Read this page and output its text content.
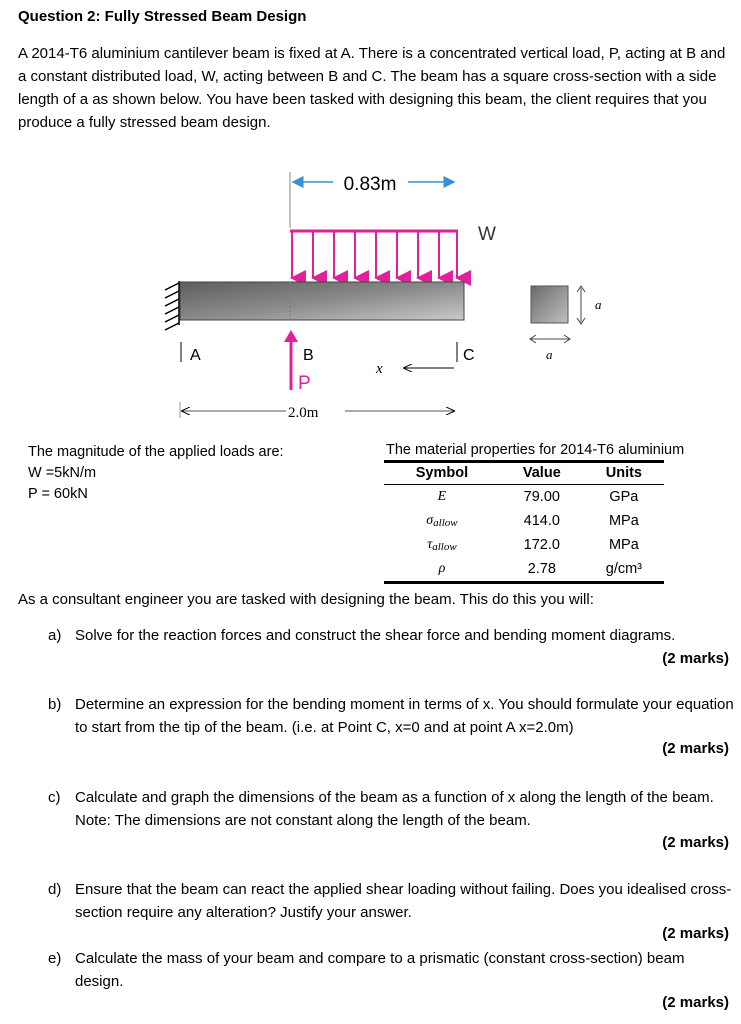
Question 2: Fully Stressed Beam Design
A 2014-T6 aluminium cantilever beam is fixed at A. There is a concentrated vertical load, P, acting at B and a constant distributed load, W, acting between B and C. The beam has a square cross-section with a side length of a as shown below. You have been tasked with designing this beam, the client requires that you produce a fully stressed beam design.
0.83m
W
A	B	C
P
x
2.0m
a
a
The magnitude of the applied loads are:
W =5kN/m
P = 60kN
The material properties for 2014-T6 aluminium
Symbol	Value	Units
E	79.00	GPa
$\sigma_{allow}$	414.0	MPa
$\tau_{allow}$	172.0	MPa
ρ	2.78	g/cm³
As a consultant engineer you are tasked with designing the beam. This do this you will:
a) Solve for the reaction forces and construct the shear force and bending moment diagrams.
(2 marks)
b) Determine an expression for the bending moment in terms of x. You should formulate your equation to start from the tip of the beam. (i.e. at Point C, x=0 and at point A x=2.0m)
(2 marks)
c) Calculate and graph the dimensions of the beam as a function of x along the length of the beam. Note: The dimensions are not constant along the length of the beam.
(2 marks)
d) Ensure that the beam can react the applied shear loading without failing. Does you idealised cross-section require any alteration? Justify your answer.
(2 marks)
e) Calculate the mass of your beam and compare to a prismatic (constant cross-section) beam design.
(2 marks)
